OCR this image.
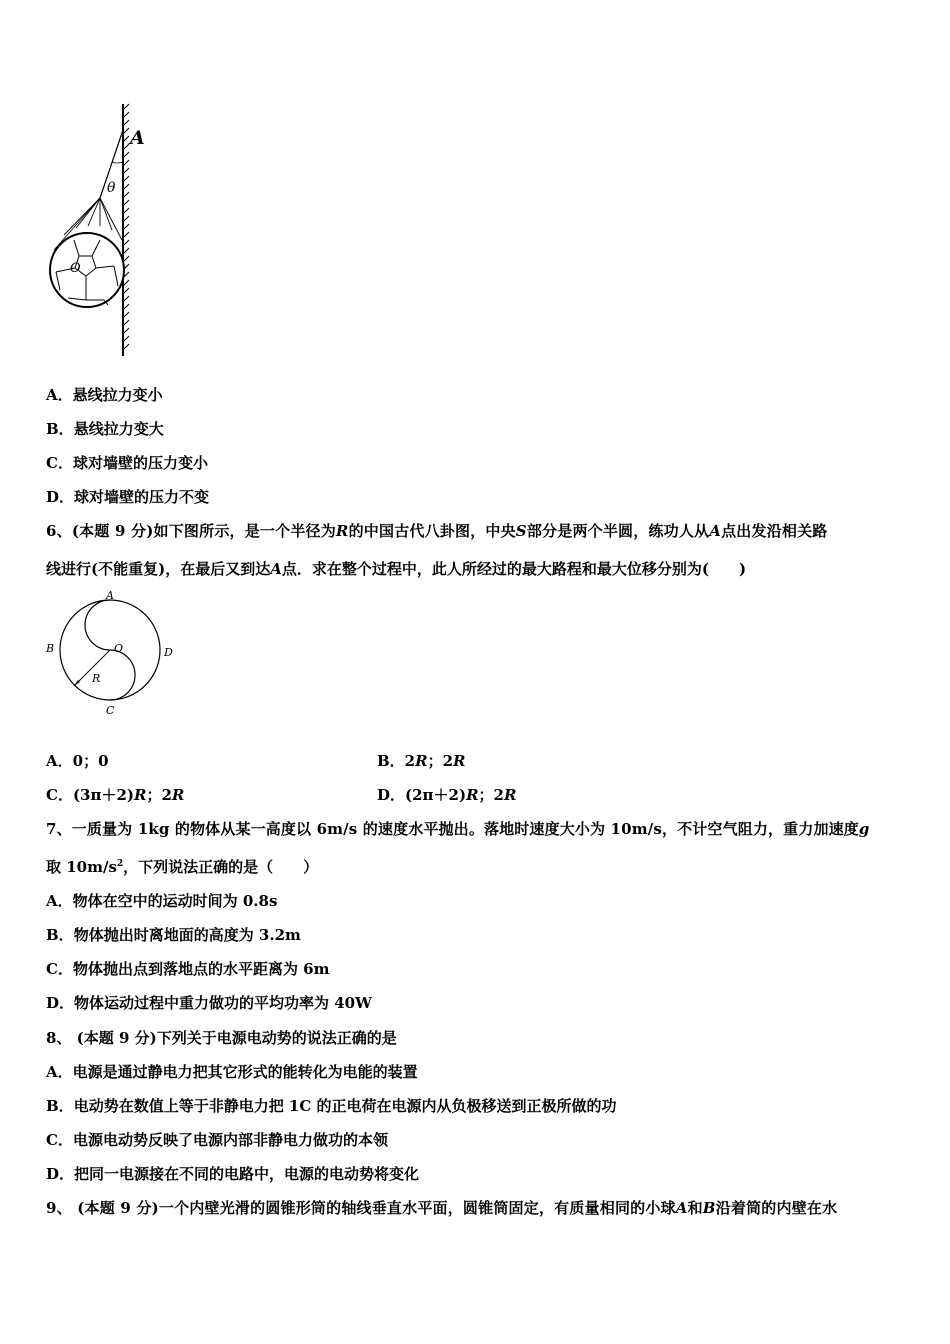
A
θ
O
A．悬线拉力变小
B．悬线拉力变大
C．球对墙壁的压力变小
D．球对墙壁的压力不变
6、(本题 9 分)如下图所示，是一个半径为R的中国古代八卦图，中央S部分是两个半圆，练功人从A点出发沿相关路
线进行(不能重复)，在最后又到达A点．求在整个过程中，此人所经过的最大路程和最大位移分别为(　　)
A
B
C
D
O
R
A．0；0	B．2R；2R
C．(3π＋2)R；2R	D．(2π＋2)R；2R
7、一质量为 1kg 的物体从某一高度以 6m/s 的速度水平抛出。落地时速度大小为 10m/s，不计空气阻力，重力加速度g
取 $10m/s^2$，下列说法正确的是（　　）
A．物体在空中的运动时间为 0.8s
B．物体抛出时离地面的高度为 3.2m
C．物体抛出点到落地点的水平距离为 6m
D．物体运动过程中重力做功的平均功率为 40W
8、 (本题 9 分)下列关于电源电动势的说法正确的是
A．电源是通过静电力把其它形式的能转化为电能的装置
B．电动势在数值上等于非静电力把 1C 的正电荷在电源内从负极移送到正极所做的功
C．电源电动势反映了电源内部非静电力做功的本领
D．把同一电源接在不同的电路中，电源的电动势将变化
9、 (本题 9 分)一个内壁光滑的圆锥形筒的轴线垂直水平面，圆锥筒固定，有质量相同的小球A和B沿着筒的内壁在水
